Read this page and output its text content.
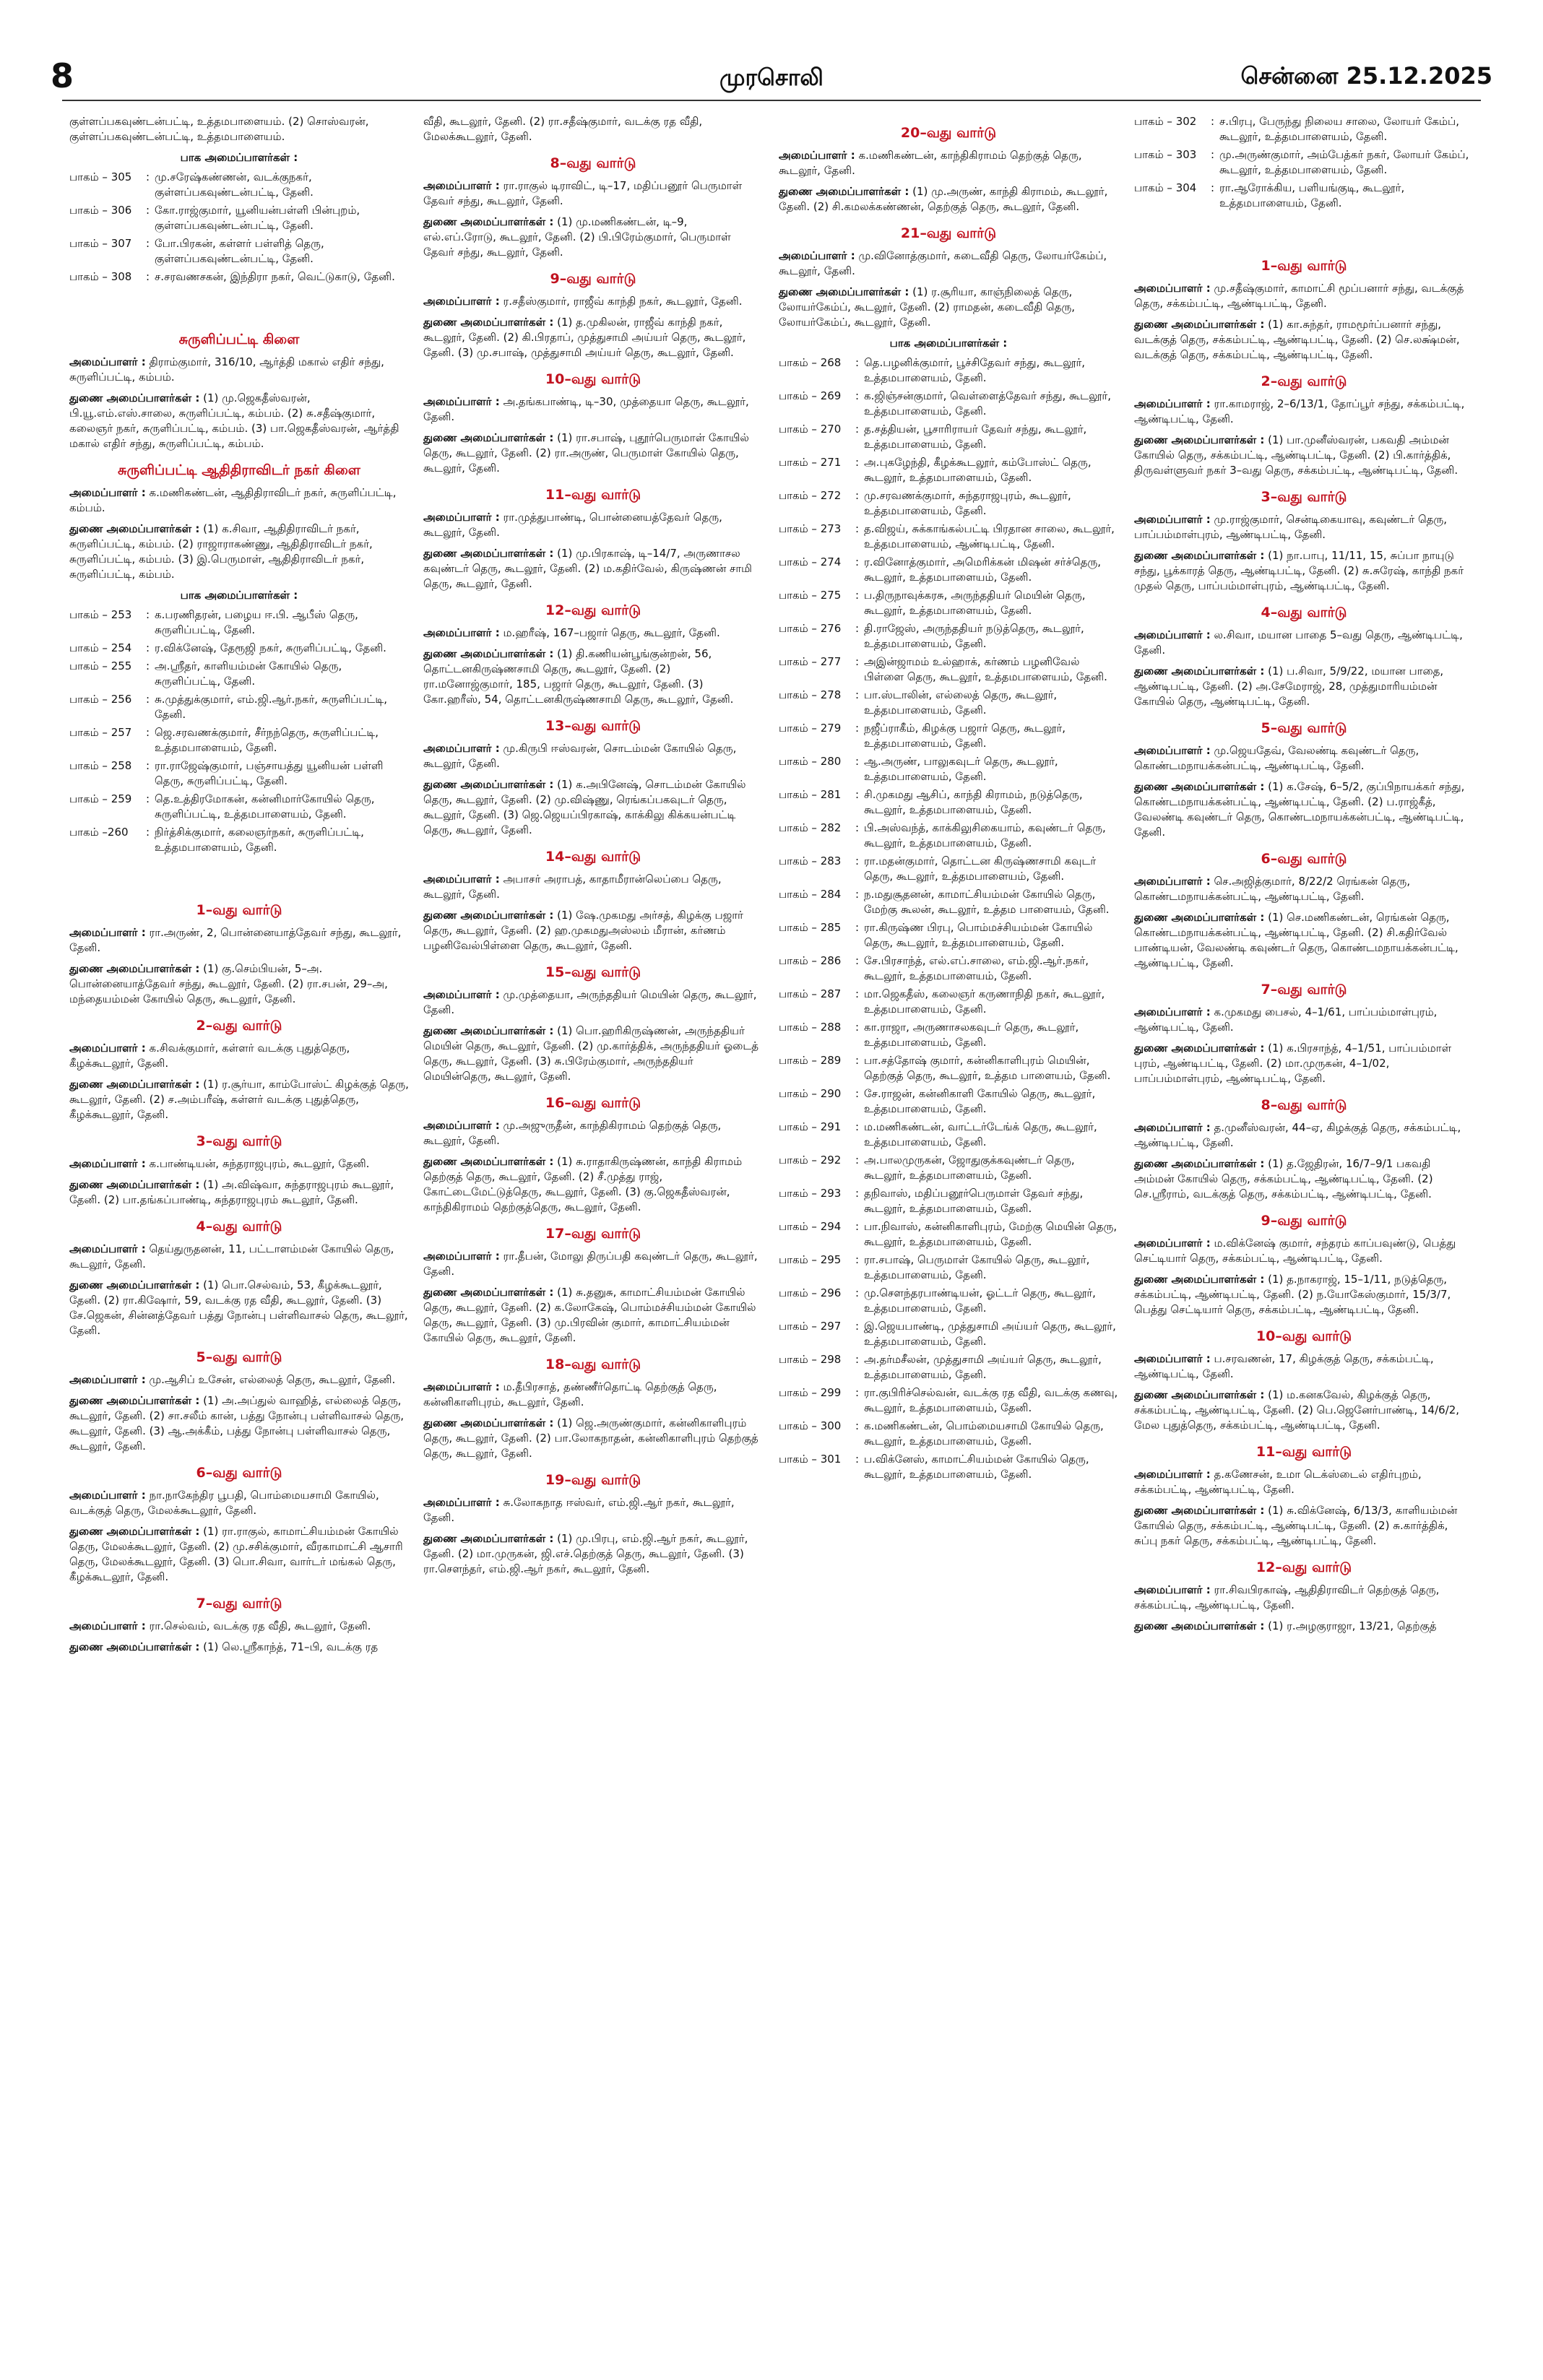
8	முரசொலி	சென்னை 25.12.2025
குள்ளப்பகவுண்டன்பட்டி, உத்தமபாளையம். (2) சொஸ்வரன், குள்ளப்பகவுண்டன்பட்டி, உத்தமபாளையம்.
பாக அமைப்பாளர்கள் :
பாகம் – 305	: மு.சரேஷ்கண்ணன், வடக்குநகர், குள்ளப்பகவுண்டன்பட்டி, தேனி.
பாகம் – 306	: கோ.ராஜ்குமார், யூனியன்பள்ளி பின்புறம், குள்ளப்பகவுண்டன்பட்டி, தேனி.
பாகம் – 307	: போ.பிரகன், கள்ளர் பள்ளித் தெரு, குள்ளப்பகவுண்டன்பட்டி, தேனி.
பாகம் – 308	: ச.சரவணசகன், இந்திரா நகர், வெட்டுகாடு, தேனி.
சுருளிப்பட்டி கிளை
அமைப்பாளர் : திராம்குமார், 316/10, ஆர்த்தி மகால் எதிர் சந்து, சுருளிப்பட்டி, கம்பம்.
துணை அமைப்பாளர்கள் : (1) மு.ஜெகதீஸ்வரன், பி.யூ.எம்.எஸ்.சாலை, சுருளிப்பட்டி, கம்பம். (2) சு.சதீஷ்குமார், கலைஞர் நகர், சுருளிப்பட்டி, கம்பம். (3) பா.ஜெகதீஸ்வரன், ஆர்த்தி மகால் எதிர் சந்து, சுருளிப்பட்டி, கம்பம்.
சுருளிப்பட்டி ஆதிதிராவிடர் நகர் கிளை
அமைப்பாளர் : க.மணிகண்டன், ஆதிதிராவிடர் நகர், சுருளிப்பட்டி, கம்பம்.
துணை அமைப்பாளர்கள் : (1) க.சிவா, ஆதிதிராவிடர் நகர், சுருளிப்பட்டி, கம்பம். (2) ராஜாராகண்ணு, ஆதிதிராவிடர் நகர், சுருளிப்பட்டி, கம்பம். (3) இ.பெருமாள், ஆதிதிராவிடர் நகர், சுருளிப்பட்டி, கம்பம்.
பாக அமைப்பாளர்கள் :
பாகம் – 253	: க.பரணிதரன், பழைய ஈ.பி. ஆபீஸ் தெரு, சுருளிப்பட்டி, தேனி.
பாகம் – 254	: ர.விக்னேஷ், தேரூஜி நகர், சுருளிப்பட்டி, தேனி.
பாகம் – 255	: அ.ஸ்ரீதர், காளியம்மன் கோயில் தெரு, சுருளிப்பட்டி, தேனி.
பாகம் – 256	: சு.முத்துக்குமார், எம்.ஜி.ஆர்.நகர், சுருளிப்பட்டி, தேனி.
பாகம் – 257	: ஜெ.சரவணக்குமார், சீர்நந்தெரு, சுருளிப்பட்டி, உத்தமபாளையம், தேனி.
பாகம் – 258	: ரா.ராஜேஷ்குமார், பஞ்சாயத்து யூனியன் பள்ளி தெரு, சுருளிப்பட்டி, தேனி.
பாகம் – 259	: தெ.உத்திரமோகன், கன்னிமார்கோயில் தெரு, சுருளிப்பட்டி, உத்தமபாளையம், தேனி.
பாகம் –260	: நிர்த்சிக்குமார், கலைஞர்நகர், சுருளிப்பட்டி, உத்தமபாளையம், தேனி.
1–வது வார்டு
அமைப்பாளர் : ரா.அருண், 2, பொன்னையாத்தேவர் சந்து, கூடலூர், தேனி.
துணை அமைப்பாளர்கள் : (1) கு.செம்பியன், 5–அ. பொன்னையாத்தேவர் சந்து, கூடலூர், தேனி. (2) ரா.சபன், 29–அ, மந்தையம்மன் கோயில் தெரு, கூடலூர், தேனி.
2–வது வார்டு
அமைப்பாளர் : க.சிவக்குமார், கள்ளர் வடக்கு புதுத்தெரு, கீழக்கூடலூர், தேனி.
துணை அமைப்பாளர்கள் : (1) ர.சூர்யா, காம்போஸ்ட் கிழக்குத் தெரு, கூடலூர், தேனி. (2) ச.அம்பரீஷ், கள்ளர் வடக்கு புதுத்தெரு, கீழக்கூடலூர், தேனி.
3–வது வார்டு
அமைப்பாளர் : க.பாண்டியன், சுந்தராஜபுரம், கூடலூர், தேனி.
துணை அமைப்பாளர்கள் : (1) அ.விஷ்வா, சுந்தராஜபுரம் கூடலூர், தேனி. (2) பா.தங்கப்பாண்டி, சுந்தராஜபுரம் கூடலூர், தேனி.
4–வது வார்டு
அமைப்பாளர் : தெய்துருதனன், 11, பட்டாளம்மன் கோயில் தெரு, கூடலூர், தேனி.
துணை அமைப்பாளர்கள் : (1) பொ.செல்வம், 53, கீழக்கூடலூர், தேனி. (2) ரா.கிஷோர், 59, வடக்கு ரத வீதி, கூடலூர், தேனி. (3) சே.ஜெகன், சின்னத்தேவர் பத்து நோன்பு பள்ளிவாசல் தெரு, கூடலூர், தேனி.
5–வது வார்டு
அமைப்பாளர் : மு.ஆசிப் உசேன், எல்லைத் தெரு, கூடலூர், தேனி.
துணை அமைப்பாளர்கள் : (1) அ.அப்துல் வாஹித், எல்லைத் தெரு, கூடலூர், தேனி. (2) சா.சலீம் கான், பத்து நோன்பு பள்ளிவாசல் தெரு, கூடலூர், தேனி. (3) ஆ.அக்கீம், பத்து நோன்பு பள்ளிவாசல் தெரு, கூடலூர், தேனி.
6–வது வார்டு
அமைப்பாளர் : நா.நாகேந்திர பூபதி, பொம்மையசாமி கோயில், வடக்குத் தெரு, மேலக்கூடலூர், தேனி.
துணை அமைப்பாளர்கள் : (1) ரா.ராகுல், காமாட்சியம்மன் கோயில் தெரு, மேலக்கூடலூர், தேனி. (2) மு.சசிக்குமார், வீரகாமாட்சி ஆசாரி தெரு, மேலக்கூடலூர், தேனி. (3) பொ.சிவா, வார்டர் மங்கல் தெரு, கீழக்கூடலூர், தேனி.
7–வது வார்டு
அமைப்பாளர் : ரா.செல்வம், வடக்கு ரத வீதி, கூடலூர், தேனி.
துணை அமைப்பாளர்கள் : (1) லெ.ஸ்ரீகாந்த், 71–பி, வடக்கு ரத
வீதி, கூடலூர், தேனி. (2) ரா.சதீஷ்குமார், வடக்கு ரத வீதி, மேலக்கூடலூர், தேனி.
8–வது வார்டு
அமைப்பாளர் : ரா.ராகுல் டிராவிட், டி–17, மதிப்பனூர் பெருமாள் தேவர் சந்து, கூடலூர், தேனி.
துணை அமைப்பாளர்கள் : (1) மு.மணிகண்டன், டி–9, எல்.எப்.ரோடு, கூடலூர், தேனி. (2) பி.பிரேம்குமார், பெருமாள் தேவர் சந்து, கூடலூர், தேனி.
9–வது வார்டு
அமைப்பாளர் : ர.சதீஸ்குமார், ராஜீவ் காந்தி நகர், கூடலூர், தேனி.
துணை அமைப்பாளர்கள் : (1) த.முகிலன், ராஜீவ் காந்தி நகர், கூடலூர், தேனி. (2) கி.பிரதாப், முத்துசாமி அய்யர் தெரு, கூடலூர், தேனி. (3) மு.சபாஷ், முத்துசாமி அய்யர் தெரு, கூடலூர், தேனி.
10–வது வார்டு
அமைப்பாளர் : அ.தங்கபாண்டி, டி–30, முத்தையா தெரு, கூடலூர், தேனி.
துணை அமைப்பாளர்கள் : (1) ரா.சபாஷ், புதூர்பெருமாள் கோயில் தெரு, கூடலூர், தேனி. (2) ரா.அருண், பெருமாள் கோயில் தெரு, கூடலூர், தேனி.
11–வது வார்டு
அமைப்பாளர் : ரா.முத்துபாண்டி, பொன்னையத்தேவர் தெரு, கூடலூர், தேனி.
துணை அமைப்பாளர்கள் : (1) மு.பிரகாஷ், டி–14/7, அருணாசல கவுண்டர் தெரு, கூடலூர், தேனி. (2) ம.கதிர்வேல், கிருஷ்ணன் சாமி தெரு, கூடலூர், தேனி.
12–வது வார்டு
அமைப்பாளர் : ம.ஹரீஷ், 167–பஜார் தெரு, கூடலூர், தேனி.
துணை அமைப்பாளர்கள் : (1) தி.கணியன்பூங்குன்றன், 56, தொட்டனகிருஷ்ணசாமி தெரு, கூடலூர், தேனி. (2) ரா.மனோஜ்குமார், 185, பஜார் தெரு, கூடலூர், தேனி. (3) கோ.ஹரீஸ், 54, தொட்டனகிருஷ்ணசாமி தெரு, கூடலூர், தேனி.
13–வது வார்டு
அமைப்பாளர் : மு.கிருபி ஈஸ்வரன், சொடம்மன் கோயில் தெரு, கூடலூர், தேனி.
துணை அமைப்பாளர்கள் : (1) க.அபினேஷ், சொடம்மன் கோயில் தெரு, கூடலூர், தேனி. (2) மு.விஷ்ணு, ரெங்கப்பகவுடர் தெரு, கூடலூர், தேனி. (3) ஜெ.ஜெயப்பிரகாஷ், காக்கிலு கிக்கயன்பட்டி தெரு, கூடலூர், தேனி.
14–வது வார்டு
அமைப்பாளர் : அபாசர் அராபத், காதாமீரான்லெப்பை தெரு, கூடலூர், தேனி.
துணை அமைப்பாளர்கள் : (1) ஷே.முகமது அர்சத், கிழக்கு பஜார் தெரு, கூடலூர், தேனி. (2) ஹ.முகமதுஅஸ்லம் மீரான், கர்ணம் பழனிவேல்பிள்ளை தெரு, கூடலூர், தேனி.
15–வது வார்டு
அமைப்பாளர் : மு.முத்தையா, அருந்ததியர் மெயின் தெரு, கூடலூர், தேனி.
துணை அமைப்பாளர்கள் : (1) பொ.ஹரிகிருஷ்ணன், அருந்ததியர் மெயின் தெரு, கூடலூர், தேனி. (2) மு.கார்த்திக், அருந்ததியர் ஓடைத் தெரு, கூடலூர், தேனி. (3) சு.பிரேம்குமார், அருந்ததியர் மெயின்தெரு, கூடலூர், தேனி.
16–வது வார்டு
அமைப்பாளர் : மு.அஜுருதீன், காந்திகிராமம் தெற்குத் தெரு, கூடலூர், தேனி.
துணை அமைப்பாளர்கள் : (1) சு.ராதாகிருஷ்ணன், காந்தி கிராமம் தெற்குத் தெரு, கூடலூர், தேனி. (2) சீ.முத்து ராஜ், கோட்டைமேட்டுத்தெரு, கூடலூர், தேனி. (3) கு.ஜெகதீஸ்வரன், காந்திகிராமம் தெற்குத்தெரு, கூடலூர், தேனி.
17–வது வார்டு
அமைப்பாளர் : ரா.தீபன், மோலு திருப்பதி கவுண்டர் தெரு, கூடலூர், தேனி.
துணை அமைப்பாளர்கள் : (1) சு.தனுசு, காமாட்சியம்மன் கோயில் தெரு, கூடலூர், தேனி. (2) க.லோகேஷ், பொம்மச்சியம்மன் கோயில் தெரு, கூடலூர், தேனி. (3) மு.பிரவின் குமார், காமாட்சியம்மன் கோயில் தெரு, கூடலூர், தேனி.
18–வது வார்டு
அமைப்பாளர் : ம.தீபிரசாத், தண்ணீர்தொட்டி தெற்குத் தெரு, கன்னிகாளிபுரம், கூடலூர், தேனி.
துணை அமைப்பாளர்கள் : (1) ஜெ.அருண்குமார், கன்னிகாளிபுரம் தெரு, கூடலூர், தேனி. (2) பா.லோகநாதன், கன்னிகாளிபுரம் தெற்குத் தெரு, கூடலூர், தேனி.
19–வது வார்டு
அமைப்பாளர் : சு.லோகநாத ஈஸ்வர், எம்.ஜி.ஆர் நகர், கூடலூர், தேனி.
துணை அமைப்பாளர்கள் : (1) மு.பிரபு, எம்.ஜி.ஆர் நகர், கூடலூர், தேனி. (2) மா.முருகன், ஜி.எச்.தெற்குத் தெரு, கூடலூர், தேனி. (3) ரா.செளந்தர், எம்.ஜி.ஆர் நகர், கூடலூர், தேனி.
20–வது வார்டு
அமைப்பாளர் : க.மணிகண்டன், காந்திகிராமம் தெற்குத் தெரு, கூடலூர், தேனி.
துணை அமைப்பாளர்கள் : (1) மு.அருண், காந்தி கிராமம், கூடலூர், தேனி. (2) சி.கமலக்கண்ணன், தெற்குத் தெரு, கூடலூர், தேனி.
21–வது வார்டு
அமைப்பாளர் : மு.வினோத்குமார், கடைவீதி தெரு, லோயர்கேம்ப், கூடலூர், தேனி.
துணை அமைப்பாளர்கள் : (1) ர.சூரியா, காஞ்நிலைத் தெரு, லோயர்கேம்ப், கூடலூர், தேனி. (2) ராமதன், கடைவீதி தெரு, லோயர்கேம்ப், கூடலூர், தேனி.
பாக அமைப்பாளர்கள் :
பாகம் – 268	: தெ.பழனிக்குமார், பூச்சிதேவர் சந்து, கூடலூர், உத்தமபாளையம், தேனி.
பாகம் – 269	: க.ஜிஞ்சன்குமார், வெள்ளைத்தேவர் சந்து, கூடலூர், உத்தமபாளையம், தேனி.
பாகம் – 270	: த.சத்தியன், பூசாரிராயர் தேவர் சந்து, கூடலூர், உத்தமபாளையம், தேனி.
பாகம் – 271	: அ.புகழேந்தி, கீழக்கூடலூர், கம்போஸ்ட் தெரு, கூடலூர், உத்தமபாளையம், தேனி.
பாகம் – 272	: மு.சரவணக்குமார், சுந்தராஜபுரம், கூடலூர், உத்தமபாளையம், தேனி.
பாகம் – 273	: த.விஜய், சுக்காங்கல்பட்டி பிரதான சாலை, கூடலூர், உத்தமபாளையம், ஆண்டிபட்டி, தேனி.
பாகம் – 274	: ர.வினோத்குமார், அமெரிக்கன் மிஷன் சர்ச்தெரு, கூடலூர், உத்தமபாளையம், தேனி.
பாகம் – 275	: ப.திருநாவுக்கரசு, அருந்ததியர் மெயின் தெரு, கூடலூர், உத்தமபாளையம், தேனி.
பாகம் – 276	: தி.ராஜேஸ், அருந்ததியர் நடுத்தெரு, கூடலூர், உத்தமபாளையம், தேனி.
பாகம் – 277	: அஇன்ஜாமம் உல்ஹாக், கர்ணம் பழனிவேல் பிள்ளை தெரு, கூடலூர், உத்தமபாளையம், தேனி.
பாகம் – 278	: பா.ஸ்டாலின், எல்லைத் தெரு, கூடலூர், உத்தமபாளையம், தேனி.
பாகம் – 279	: நஜீப்ராகீம், கிழக்கு பஜார் தெரு, கூடலூர், உத்தமபாளையம், தேனி.
பாகம் – 280	: ஆ.அருண், பாலுகவுடர் தெரு, கூடலூர், உத்தமபாளையம், தேனி.
பாகம் – 281	: சி.முகமது ஆசிப், காந்தி கிராமம், நடுத்தெரு, கூடலூர், உத்தமபாளையம், தேனி.
பாகம் – 282	: பி.அஸ்வந்த், காக்கிலுசிகையாம், கவுண்டர் தெரு, கூடலூர், உத்தமபாளையம், தேனி.
பாகம் – 283	: ரா.மதன்குமார், தொட்டன கிருஷ்ணசாமி கவுடர் தெரு, கூடலூர், உத்தமபாளையம், தேனி.
பாகம் – 284	: ந.மதுசூதனன், காமாட்சியம்மன் கோயில் தெரு, மேற்கு கூலன், கூடலூர், உத்தம பாளையம், தேனி.
பாகம் – 285	: ரா.கிருஷ்ண பிரபு, பொம்மச்சியம்மன் கோயில் தெரு, கூடலூர், உத்தமபாளையம், தேனி.
பாகம் – 286	: சே.பிரசாந்த், எல்.எப்.சாலை, எம்.ஜி.ஆர்.நகர், கூடலூர், உத்தமபாளையம், தேனி.
பாகம் – 287	: மா.ஜெகதீஸ், கலைஞர் கருணாநிதி நகர், கூடலூர், உத்தமபாளையம், தேனி.
பாகம் – 288	: கா.ராஜா, அருணாசலகவுடர் தெரு, கூடலூர், உத்தமபாளையம், தேனி.
பாகம் – 289	: பா.சத்தோஷ் குமார், கன்னிகாளிபுரம் மெயின், தெற்குத் தெரு, கூடலூர், உத்தம பாளையம், தேனி.
பாகம் – 290	: சே.ராஜன், கன்னிகாளி கோயில் தெரு, கூடலூர், உத்தமபாளையம், தேனி.
பாகம் – 291	: ம.மணிகண்டன், வாட்டர்டேங்க் தெரு, கூடலூர், உத்தமபாளையம், தேனி.
பாகம் – 292	: அ.பாலமுருகன், ஜோதுகுக்கவுண்டர் தெரு, கூடலூர், உத்தமபாளையம், தேனி.
பாகம் – 293	: தநிவாஸ், மதிப்பனூர்பெருமாள் தேவர் சந்து, கூடலூர், உத்தமபாளையம், தேனி.
பாகம் – 294	: பா.நிவாஸ், கன்னிகாளிபுரம், மேற்கு மெயின் தெரு, கூடலூர், உத்தமபாளையம், தேனி.
பாகம் – 295	: ரா.சபாஷ், பெருமாள் கோயில் தெரு, கூடலூர், உத்தமபாளையம், தேனி.
பாகம் – 296	: மு.செளந்தரபாண்டியன், ஓட்டர் தெரு, கூடலூர், உத்தமபாளையம், தேனி.
பாகம் – 297	: இ.ஜெயபாண்டி, முத்துசாமி அய்யர் தெரு, கூடலூர், உத்தமபாளையம், தேனி.
பாகம் – 298	: அ.தர்மசீலன், முத்துசாமி அய்யர் தெரு, கூடலூர், உத்தமபாளையம், தேனி.
பாகம் – 299	: ரா.குபிரிச்செல்வன், வடக்கு ரத வீதி, வடக்கு கணவு, கூடலூர், உத்தமபாளையம், தேனி.
பாகம் – 300	: க.மணிகண்டன், பொம்மையசாமி கோயில் தெரு, கூடலூர், உத்தமபாளையம், தேனி.
பாகம் – 301	: ப.விக்னேஸ், காமாட்சியம்மன் கோயில் தெரு, கூடலூர், உத்தமபாளையம், தேனி.
பாகம் – 302	: ச.பிரபு, பேருந்து நிலைய சாலை, லோயர் கேம்ப், கூடலூர், உத்தமபாளையம், தேனி.
பாகம் – 303	: மு.அருண்குமார், அம்பேத்கர் நகர், லோயர் கேம்ப், கூடலூர், உத்தமபாளையம், தேனி.
பாகம் – 304	: ரா.ஆரோக்கிய, பளியங்குடி, கூடலூர், உத்தமபாளையம், தேனி.
1–வது வார்டு
அமைப்பாளர் : மு.சதீஷ்குமார், காமாட்சி மூப்பனார் சந்து, வடக்குத் தெரு, சக்கம்பட்டி, ஆண்டிபட்டி, தேனி.
துணை அமைப்பாளர்கள் : (1) கா.சுந்தர், ராமமூர்ப்பனார் சந்து, வடக்குத் தெரு, சக்கம்பட்டி, ஆண்டிபட்டி, தேனி. (2) செ.லக்ஷ்மன், வடக்குத் தெரு, சக்கம்பட்டி, ஆண்டிபட்டி, தேனி.
2–வது வார்டு
அமைப்பாளர் : ரா.காமராஜ், 2–6/13/1, தோப்பூர் சந்து, சக்கம்பட்டி, ஆண்டிபட்டி, தேனி.
துணை அமைப்பாளர்கள் : (1) பா.முனீஸ்வரன், பகவதி அம்மன் கோயில் தெரு, சக்கம்பட்டி, ஆண்டிபட்டி, தேனி. (2) பி.கார்த்திக், திருவள்ளுவர் நகர் 3–வது தெரு, சக்கம்பட்டி, ஆண்டிபட்டி, தேனி.
3–வது வார்டு
அமைப்பாளர் : மு.ராஜ்குமார், சென்டிகையாவு, கவுண்டர் தெரு, பாப்பம்மாள்புரம், ஆண்டிபட்டி, தேனி.
துணை அமைப்பாளர்கள் : (1) நா.பாபு, 11/11, 15, சுப்பா நாயுடு சந்து, பூக்காரத் தெரு, ஆண்டிபட்டி, தேனி. (2) சு.சுரேஷ், காந்தி நகர் முதல் தெரு, பாப்பம்மாள்புரம், ஆண்டிபட்டி, தேனி.
4–வது வார்டு
அமைப்பாளர் : ல.சிவா, மயான பாதை 5–வது தெரு, ஆண்டிபட்டி, தேனி.
துணை அமைப்பாளர்கள் : (1) ப.சிவா, 5/9/22, மயான பாதை, ஆண்டிபட்டி, தேனி. (2) அ.சேமேராஜ், 28, முத்துமாரியம்மன் கோயில் தெரு, ஆண்டிபட்டி, தேனி.
5–வது வார்டு
அமைப்பாளர் : மு.ஜெயதேவ், வேலண்டி கவுண்டர் தெரு, கொண்டமநாயக்கன்பட்டி, ஆண்டிபட்டி, தேனி.
துணை அமைப்பாளர்கள் : (1) க.சேஷ், 6–5/2, குப்பிநாயக்கர் சந்து, கொண்டமநாயக்கன்பட்டி, ஆண்டிபட்டி, தேனி. (2) ப.ராஜ்கீத், வேலண்டி கவுண்டர் தெரு, கொண்டமநாயக்கன்பட்டி, ஆண்டிபட்டி, தேனி.
6–வது வார்டு
அமைப்பாளர் : செ.அஜித்குமார், 8/22/2 ரெங்கன் தெரு, கொண்டமநாயக்கன்பட்டி, ஆண்டிபட்டி, தேனி.
துணை அமைப்பாளர்கள் : (1) செ.மணிகண்டன், ரெங்கன் தெரு, கொண்டமநாயக்கன்பட்டி, ஆண்டிபட்டி, தேனி. (2) சி.கதிர்வேல் பாண்டியன், வேலண்டி கவுண்டர் தெரு, கொண்டமநாயக்கன்பட்டி, ஆண்டிபட்டி, தேனி.
7–வது வார்டு
அமைப்பாளர் : க.முகமது பைசல், 4–1/61, பாப்பம்மாள்புரம், ஆண்டிபட்டி, தேனி.
துணை அமைப்பாளர்கள் : (1) க.பிரசாந்த், 4–1/51, பாப்பம்மாள் புரம், ஆண்டிபட்டி, தேனி. (2) மா.முருகன், 4–1/02, பாப்பம்மாள்புரம், ஆண்டிபட்டி, தேனி.
8–வது வார்டு
அமைப்பாளர் : த.முனீஸ்வரன், 44–ஏ, கிழக்குத் தெரு, சக்கம்பட்டி, ஆண்டிபட்டி, தேனி.
துணை அமைப்பாளர்கள் : (1) த.ஜேதிரன், 16/7–9/1 பகவதி அம்மன் கோயில் தெரு, சக்கம்பட்டி, ஆண்டிபட்டி, தேனி. (2) செ.ஸ்ரீராம், வடக்குத் தெரு, சக்கம்பட்டி, ஆண்டிபட்டி, தேனி.
9–வது வார்டு
அமைப்பாளர் : ம.விக்னேஷ் குமார், சந்தரம் காப்பவுண்டு, பெத்து செட்டியார் தெரு, சக்கம்பட்டி, ஆண்டிபட்டி, தேனி.
துணை அமைப்பாளர்கள் : (1) த.நாகராஜ், 15–1/11, நடுத்தெரு, சக்கம்பட்டி, ஆண்டிபட்டி, தேனி. (2) ந.யோகேஸ்குமார், 15/3/7, பெத்து செட்டியார் தெரு, சக்கம்பட்டி, ஆண்டிபட்டி, தேனி.
10–வது வார்டு
அமைப்பாளர் : ப.சரவணன், 17, கிழக்குத் தெரு, சக்கம்பட்டி, ஆண்டிபட்டி, தேனி.
துணை அமைப்பாளர்கள் : (1) ம.கனகவேல், கிழக்குத் தெரு, சக்கம்பட்டி, ஆண்டிபட்டி, தேனி. (2) பெ.ஜெனேர்பாண்டி, 14/6/2, மேல புதுத்தெரு, சக்கம்பட்டி, ஆண்டிபட்டி, தேனி.
11–வது வார்டு
அமைப்பாளர் : த.கணேசன், உமா டெக்ஸ்டைல் எதிர்புறம், சக்கம்பட்டி, ஆண்டிபட்டி, தேனி.
துணை அமைப்பாளர்கள் : (1) சு.விக்னேஷ், 6/13/3, காளியம்மன் கோயில் தெரு, சக்கம்பட்டி, ஆண்டிபட்டி, தேனி. (2) சு.கார்த்திக், சுப்பு நகர் தெரு, சக்கம்பட்டி, ஆண்டிபட்டி, தேனி.
12–வது வார்டு
அமைப்பாளர் : ரா.சிவபிரகாஷ், ஆதிதிராவிடர் தெற்குத் தெரு, சக்கம்பட்டி, ஆண்டிபட்டி, தேனி.
துணை அமைப்பாளர்கள் : (1) ர.அழகுராஜா, 13/21, தெற்குத்
